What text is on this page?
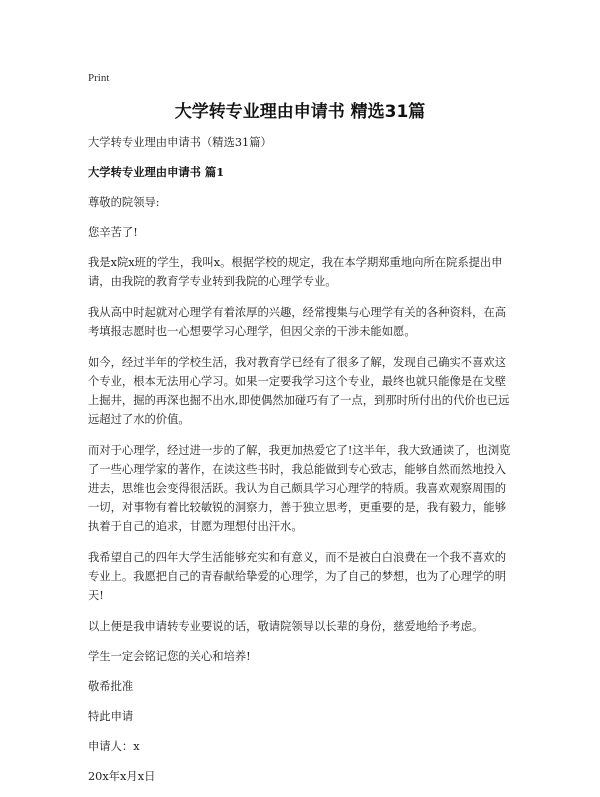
Print
大学转专业理由申请书 精选31篇

大学转专业理由申请书（精选31篇）

大学转专业理由申请书 篇1

尊敬的院领导:

您辛苦了!

我是x院x班的学生，我叫x。根据学校的规定，我在本学期郑重地向所在院系提出申请，由我院的教育学专业转到我院的心理学专业。

我从高中时起就对心理学有着浓厚的兴趣，经常搜集与心理学有关的各种资料，在高考填报志愿时也一心想要学习心理学，但因父亲的干涉未能如愿。

如今，经过半年的学校生活，我对教育学已经有了很多了解，发现自己确实不喜欢这个专业，根本无法用心学习。如果一定要我学习这个专业，最终也就只能像是在戈壁上掘井，掘的再深也掘不出水,即使偶然加碰巧有了一点，到那时所付出的代价也已远远超过了水的价值。

而对于心理学，经过进一步的了解，我更加热爱它了!这半年，我大致通读了，也浏览了一些心理学家的著作，在读这些书时，我总能做到专心致志，能够自然而然地投入进去，思维也会变得很活跃。我认为自己颇具学习心理学的特质。我喜欢观察周围的一切，对事物有着比较敏锐的洞察力，善于独立思考，更重要的是，我有毅力，能够执着于自己的追求，甘愿为理想付出汗水。

我希望自己的四年大学生活能够充实和有意义，而不是被白白浪费在一个我不喜欢的专业上。我愿把自己的青春献给挚爱的心理学，为了自己的梦想，也为了心理学的明天!

以上便是我申请转专业要说的话，敬请院领导以长辈的身份，慈爱地给予考虑。

学生一定会铭记您的关心和培养!

敬希批准

特此申请

申请人：x

20x年x月x日
